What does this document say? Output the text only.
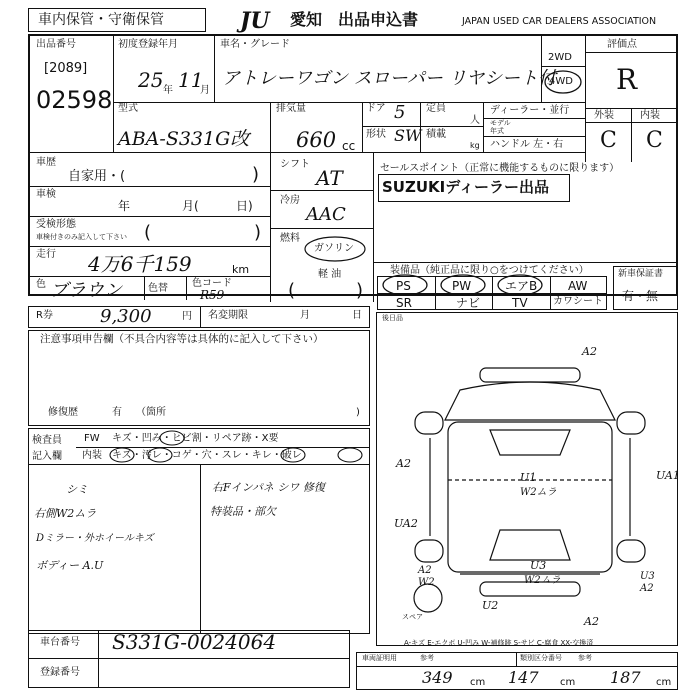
車内保管・守衛保管	JU	愛知 出品申込書	JAPAN USED CAR DEALERS ASSOCIATION
出品番号
[2089]
02598
初度登録年月
25 年 11
月
車名・グレード
アトレーワゴン スローパー リヤシート付
2WD
4WD
評価点
R
外装	内装
C C
型式
ABA-S331G改
排気量
660 cc
ドア 5 定員
人
形状 SW 積載
kg
ディーラー・並行
モデル
年式
ハンドル 左・右
車歴
自家用・(	)
車検
年	月(	日)
受検形態
車検付きのみ記入して下さい (	)
走行 4万6千159	km
色 ブラウン	色替 色コード
R59
シフト
AT
冷房
AAC
燃料
ガソリン
軽 油
(	)
セールスポイント（正常に機能するものに限ります）
SUZUKIディーラー出品
装備品（純正品に限り○をつけてください）
PS	PW	エアB	AW
SR	ナビ	TV	カワシート
新車保証書
有・無
R券	9,300	円 名変期限	月	日	後日品
注意事項申告欄（不具合内容等は具体的に記入して下さい）
修復歴	有 （箇所	)
検査員
記入欄
FW キズ・凹み・ヒビ割・リペア跡・X要
内装 キズ・汚レ・コゲ・穴・スレ・キレ・破レ
シミ	右Fインパネ シワ 修復
右側W2ムラ	特装品・部欠
Dミラー・外ホイールキズ
ボディー A.U
A2
A2
UA1
U1
W2ムラ
UA2
U3
W2ムラ
A2
W2
U3
A2
U2
A2
スペア
A-キズ E-エクボ U-凹み W-補修跡 S-サビ C-腐食 XX-交換済
車台番号 S331G-0024064
登録番号
車両証明用	参考	類別区分番号 参考
349 cm 147 cm 187 cm
